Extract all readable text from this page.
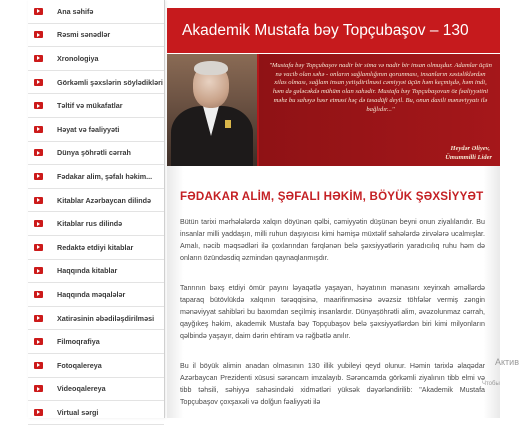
Ana səhifə
Rəsmi sənədlər
Xronologiya
Görkəmli şəxslərin söylədikləri
Təltif və mükafatlar
Həyat və fəaliyyəti
Dünya şöhrətli cərrah
Fədakar alim, şəfalı həkim...
Kitablar Azərbaycan dilində
Kitablar rus dilində
Redaktə etdiyi kitablar
Haqqında kitablar
Haqqında məqalələr
Xatirəsinin əbədiləşdirilməsi
Filmoqrafiya
Fotoqalereya
Videoqalereya
Virtual sərgi
Akademik Mustafa bəy Topçubaşov – 130

"Mustafa bəy Topçubaşov nadir bir sima və nadir bir insan olmuşdur. Adamlar üçün nə vacib olan səhə - onların sağlamlığının qorunması, insanların xəstəliklərdən xilas olması, sağlam insan yetişdirilməsi cəmiyyət üçün həm keçmişdə, həm indi, həm də gələcəkdə mühüm olan sahədir. Mustafa bəy Topçubaşovun öz fəaliyyətini məhz bu sahəyə həsr etməsi həç də təsadüfi deyil. Bu, onun daxili mənəviyyatı ilə bağlıdır..."

Heydər Əliyev,
Ümummilli Lider
FƏDAKAR ALİM, ŞƏFALI HƏKİM, BÖYÜK ŞƏXSİYYƏT

Bütün tarixi mərhələlərdə xalqın döyünən qəlbi, cəmiyyətin düşünən beyni onun ziyalılarıdır. Bu insanlar milli yaddaşın, milli ruhun daşıyıcısı kimi həmişə müxtəlif sahələrdə zirvələrə ucalmışlar. Amalı, nəcib məqsədləri ilə çoxlarından fərqlənən belə şəxsiyyətlərin yaradıcılıq ruhu həm də onların özündəsdiq əzmindən qaynaqlanmışdır.

Tanrının bəxş etdiyi ömür payını ləyaqətlə yaşayan, həyatının mənasını xeyirxah əməllərdə taparaq bütövlükdə xalqının tərəqqisinə, maarifinməsinə əvəzsiz töhfələr vermiş zəngin mənəviyyat sahibləri bu baxımdan seçilmiş insanlardır. Dünyaşöhrətli alim, əvəzolunmaz cərrah, qayğıkeş həkim, akademik Mustafa bəy Topçubaşov belə şəxsiyyətlərdən biri kimi milyonların qəlbində yaşayır, daim dərin ehtiram və rəğbətlə anılır.

Bu il böyük alimin anadan olmasının 130 illik yubileyi qeyd olunur. Həmin tarixlə əlaqədar Azərbaycan Prezidenti xüsusi sərəncam imzalayıb. Sərəncamda görkəmli ziyalının tibb elmi və tibb təhsili, səhiyyə sahəsindəki xidmətləri yüksək dəyərləndirilib: "Akademik Mustafa Topçubaşov çoxşaxəli və dolğun fəaliyyəti ilə

Актив
Чтобы
